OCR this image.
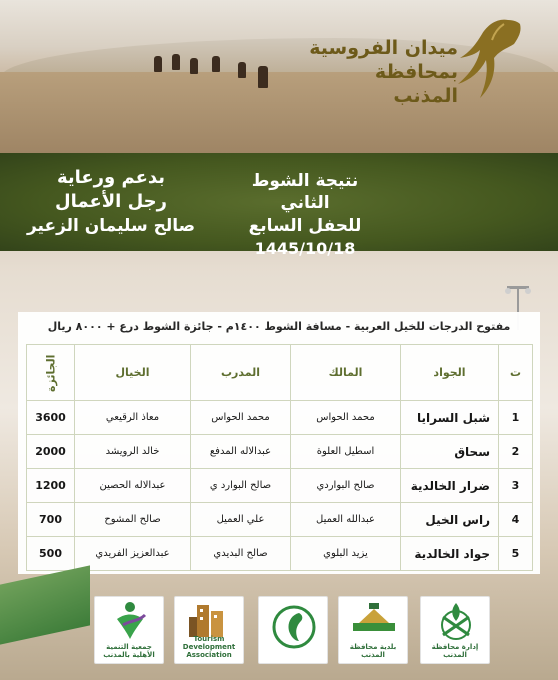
ميدان الفروسية
بمحافظة المذنب
نتيجة الشوط الثاني
للحفل السابع
1445/10/18
بدعم ورعاية
رجل الأعمال
صالح سليمان الزعير
مفتوح الدرجات للخيل العربية - مسافة الشوط ١٤٠٠م - جائزة الشوط درع + ٨٠٠٠ ريال
ت	الجواد	المالك	المدرب	الخيال	الجائزة
1	شبل السرايا	محمد الحواس	محمد الحواس	معاذ الرقيعي	3600
2	سحاق	اسطيل العلوة	عبدالاله المدفع	خالد الرويشد	2000
3	ضرار الخالدية	صالح البواردي	صالح البوارد ي	عبدالاله الحصين	1200
4	راس الخيل	عبدالله العميل	علي العميل	صالح المشوح	700
5	جواد الخالدية	يزيد البلوي	صالح البديدي	عبدالعزيز الفريدي	500
جمعية التنمية الأهلية بالمذنب
Tourism Development Association
بلدية محافظة المذنب
إدارة محافظة المذنب
